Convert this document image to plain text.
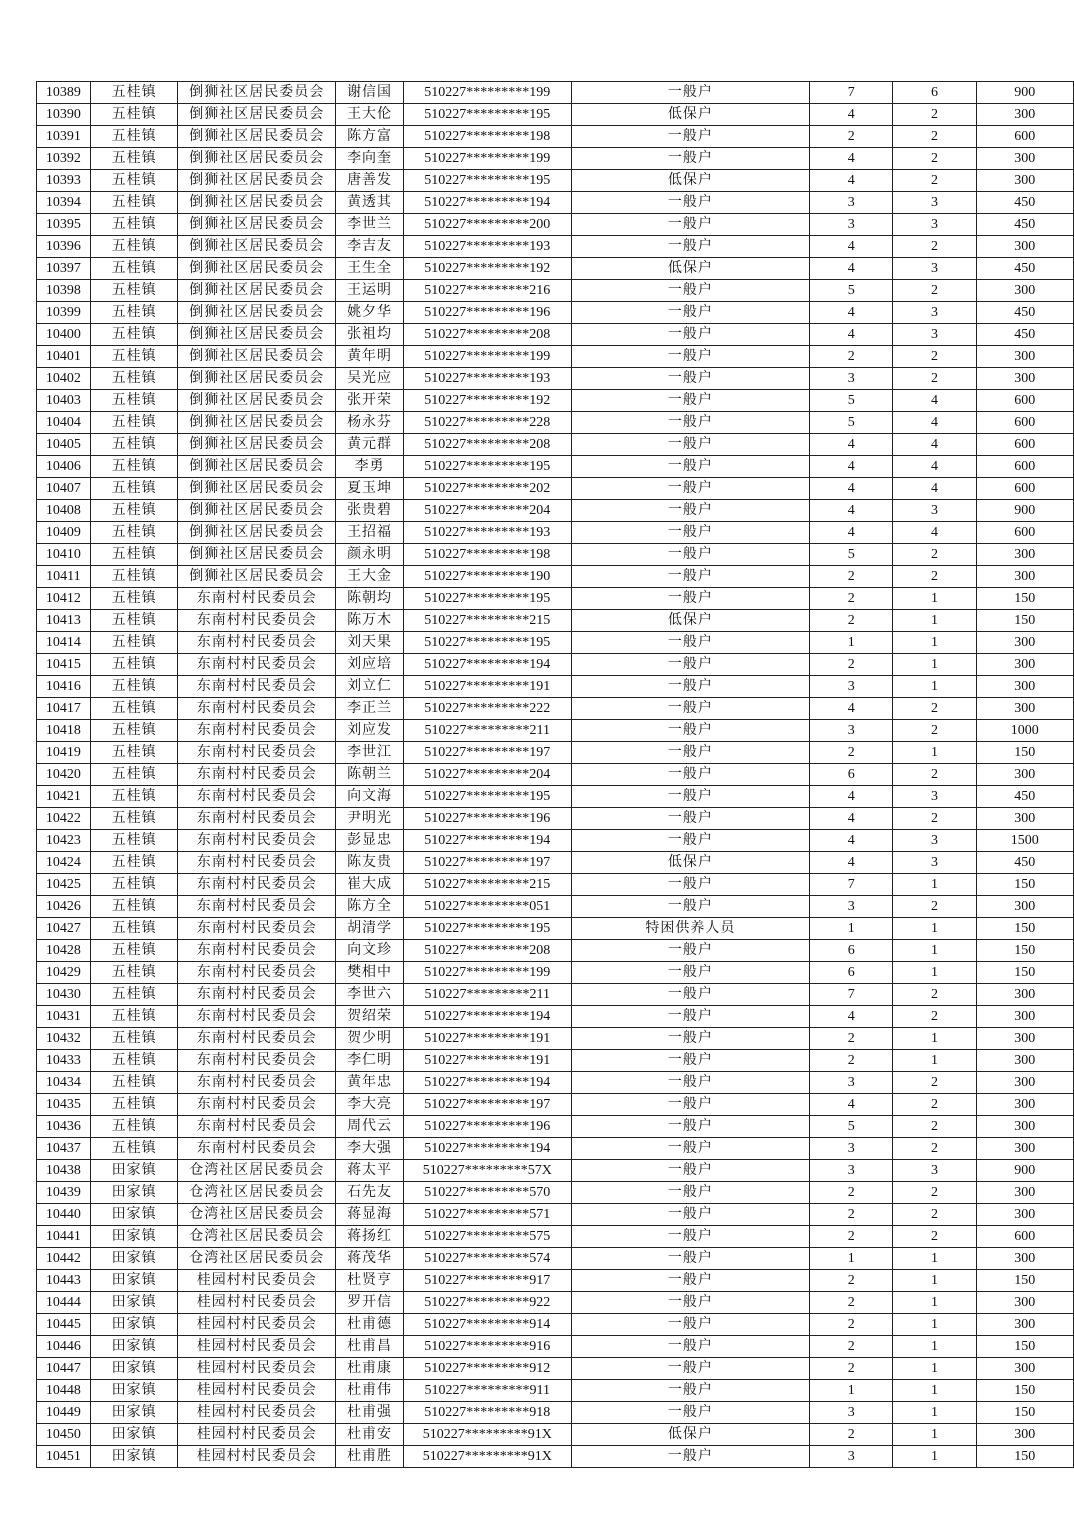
10389	五桂镇	倒狮社区居民委员会	谢信国	510227*********199	一般户	7	6	900
10390	五桂镇	倒狮社区居民委员会	王大伦	510227*********195	低保户	4	2	300
10391	五桂镇	倒狮社区居民委员会	陈方富	510227*********198	一般户	2	2	600
10392	五桂镇	倒狮社区居民委员会	李向奎	510227*********199	一般户	4	2	300
10393	五桂镇	倒狮社区居民委员会	唐善发	510227*********195	低保户	4	2	300
10394	五桂镇	倒狮社区居民委员会	黄透其	510227*********194	一般户	3	3	450
10395	五桂镇	倒狮社区居民委员会	李世兰	510227*********200	一般户	3	3	450
10396	五桂镇	倒狮社区居民委员会	李吉友	510227*********193	一般户	4	2	300
10397	五桂镇	倒狮社区居民委员会	王生全	510227*********192	低保户	4	3	450
10398	五桂镇	倒狮社区居民委员会	王运明	510227*********216	一般户	5	2	300
10399	五桂镇	倒狮社区居民委员会	姚夕华	510227*********196	一般户	4	3	450
10400	五桂镇	倒狮社区居民委员会	张祖均	510227*********208	一般户	4	3	450
10401	五桂镇	倒狮社区居民委员会	黄年明	510227*********199	一般户	2	2	300
10402	五桂镇	倒狮社区居民委员会	吴光应	510227*********193	一般户	3	2	300
10403	五桂镇	倒狮社区居民委员会	张开荣	510227*********192	一般户	5	4	600
10404	五桂镇	倒狮社区居民委员会	杨永芬	510227*********228	一般户	5	4	600
10405	五桂镇	倒狮社区居民委员会	黄元群	510227*********208	一般户	4	4	600
10406	五桂镇	倒狮社区居民委员会	李勇	510227*********195	一般户	4	4	600
10407	五桂镇	倒狮社区居民委员会	夏玉坤	510227*********202	一般户	4	4	600
10408	五桂镇	倒狮社区居民委员会	张贵碧	510227*********204	一般户	4	3	900
10409	五桂镇	倒狮社区居民委员会	王招福	510227*********193	一般户	4	4	600
10410	五桂镇	倒狮社区居民委员会	颜永明	510227*********198	一般户	5	2	300
10411	五桂镇	倒狮社区居民委员会	王大金	510227*********190	一般户	2	2	300
10412	五桂镇	东南村村民委员会	陈朝均	510227*********195	一般户	2	1	150
10413	五桂镇	东南村村民委员会	陈万木	510227*********215	低保户	2	1	150
10414	五桂镇	东南村村民委员会	刘天果	510227*********195	一般户	1	1	300
10415	五桂镇	东南村村民委员会	刘应培	510227*********194	一般户	2	1	300
10416	五桂镇	东南村村民委员会	刘立仁	510227*********191	一般户	3	1	300
10417	五桂镇	东南村村民委员会	李正兰	510227*********222	一般户	4	2	300
10418	五桂镇	东南村村民委员会	刘应发	510227*********211	一般户	3	2	1000
10419	五桂镇	东南村村民委员会	李世江	510227*********197	一般户	2	1	150
10420	五桂镇	东南村村民委员会	陈朝兰	510227*********204	一般户	6	2	300
10421	五桂镇	东南村村民委员会	向文海	510227*********195	一般户	4	3	450
10422	五桂镇	东南村村民委员会	尹明光	510227*********196	一般户	4	2	300
10423	五桂镇	东南村村民委员会	彭显忠	510227*********194	一般户	4	3	1500
10424	五桂镇	东南村村民委员会	陈友贵	510227*********197	低保户	4	3	450
10425	五桂镇	东南村村民委员会	崔大成	510227*********215	一般户	7	1	150
10426	五桂镇	东南村村民委员会	陈方全	510227*********051	一般户	3	2	300
10427	五桂镇	东南村村民委员会	胡清学	510227*********195	特困供养人员	1	1	150
10428	五桂镇	东南村村民委员会	向文珍	510227*********208	一般户	6	1	150
10429	五桂镇	东南村村民委员会	樊相中	510227*********199	一般户	6	1	150
10430	五桂镇	东南村村民委员会	李世六	510227*********211	一般户	7	2	300
10431	五桂镇	东南村村民委员会	贺绍荣	510227*********194	一般户	4	2	300
10432	五桂镇	东南村村民委员会	贺少明	510227*********191	一般户	2	1	300
10433	五桂镇	东南村村民委员会	李仁明	510227*********191	一般户	2	1	300
10434	五桂镇	东南村村民委员会	黄年忠	510227*********194	一般户	3	2	300
10435	五桂镇	东南村村民委员会	李大亮	510227*********197	一般户	4	2	300
10436	五桂镇	东南村村民委员会	周代云	510227*********196	一般户	5	2	300
10437	五桂镇	东南村村民委员会	李大强	510227*********194	一般户	3	2	300
10438	田家镇	仓湾社区居民委员会	蒋太平	510227*********57X	一般户	3	3	900
10439	田家镇	仓湾社区居民委员会	石先友	510227*********570	一般户	2	2	300
10440	田家镇	仓湾社区居民委员会	蒋显海	510227*********571	一般户	2	2	300
10441	田家镇	仓湾社区居民委员会	蒋扬红	510227*********575	一般户	2	2	600
10442	田家镇	仓湾社区居民委员会	蒋茂华	510227*********574	一般户	1	1	300
10443	田家镇	桂园村村民委员会	杜贤亨	510227*********917	一般户	2	1	150
10444	田家镇	桂园村村民委员会	罗开信	510227*********922	一般户	2	1	300
10445	田家镇	桂园村村民委员会	杜甫德	510227*********914	一般户	2	1	300
10446	田家镇	桂园村村民委员会	杜甫昌	510227*********916	一般户	2	1	150
10447	田家镇	桂园村村民委员会	杜甫康	510227*********912	一般户	2	1	300
10448	田家镇	桂园村村民委员会	杜甫伟	510227*********911	一般户	1	1	150
10449	田家镇	桂园村村民委员会	杜甫强	510227*********918	一般户	3	1	150
10450	田家镇	桂园村村民委员会	杜甫安	510227*********91X	低保户	2	1	300
10451	田家镇	桂园村村民委员会	杜甫胜	510227*********91X	一般户	3	1	150
